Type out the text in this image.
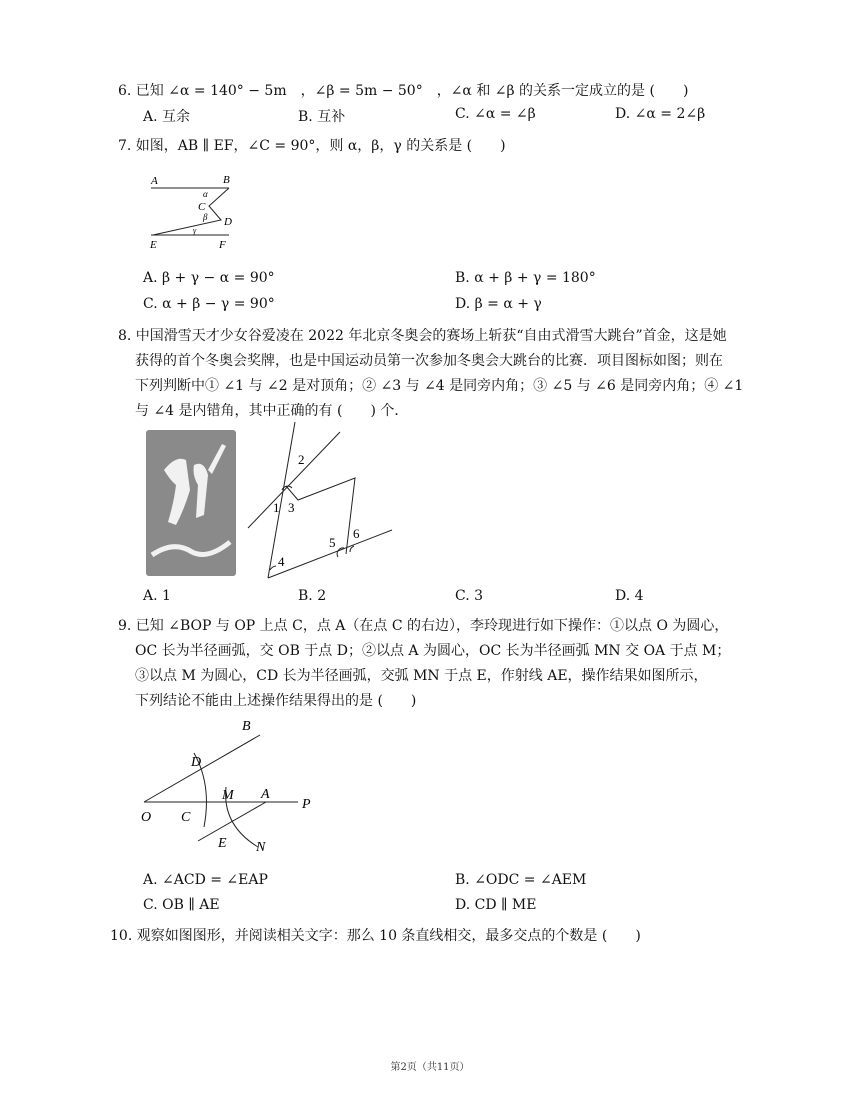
6. 已知 ∠α = 140° − 5m　，∠β = 5m − 50°　，∠α 和 ∠β 的关系一定成立的是 (　　)
A. 互余	B. 互补	C. ∠α = ∠β	D. ∠α = 2∠β
7. 如图，AB ∥ EF，∠C = 90°，则 α，β，γ 的关系是 (　　)
A	B
C
D
E	F
α
β
γ
A. β + γ − α = 90°	B. α + β + γ = 180°
C. α + β − γ = 90°	D. β = α + γ
8. 中国滑雪天才少女谷爱凌在 2022 年北京冬奥会的赛场上斩获“自由式滑雪大跳台”首金，这是她
获得的首个冬奥会奖牌，也是中国运动员第一次参加冬奥会大跳台的比赛．项目图标如图；则在
下列判断中① ∠1 与 ∠2 是对顶角；② ∠3 与 ∠4 是同旁内角；③ ∠5 与 ∠6 是同旁内角；④ ∠1
与 ∠4 是内错角，其中正确的有 (　　) 个．
2
1 3
4
5
6
A. 1	B. 2	C. 3	D. 4
9. 已知 ∠BOP 与 OP 上点 C，点 A（在点 C 的右边），李玲现进行如下操作：①以点 O 为圆心，
OC 长为半径画弧，交 OB 于点 D；②以点 A 为圆心，OC 长为半径画弧 MN 交 OA 于点 M；
③以点 M 为圆心，CD 长为半径画弧，交弧 MN 于点 E，作射线 AE，操作结果如图所示，
下列结论不能由上述操作结果得出的是 (　　)
B
D
M A
P
O C
E N
A. ∠ACD = ∠EAP	B. ∠ODC = ∠AEM
C. OB ∥ AE	D. CD ∥ ME
10. 观察如图图形，并阅读相关文字：那么 10 条直线相交，最多交点的个数是 (　　)
第2页（共11页）
